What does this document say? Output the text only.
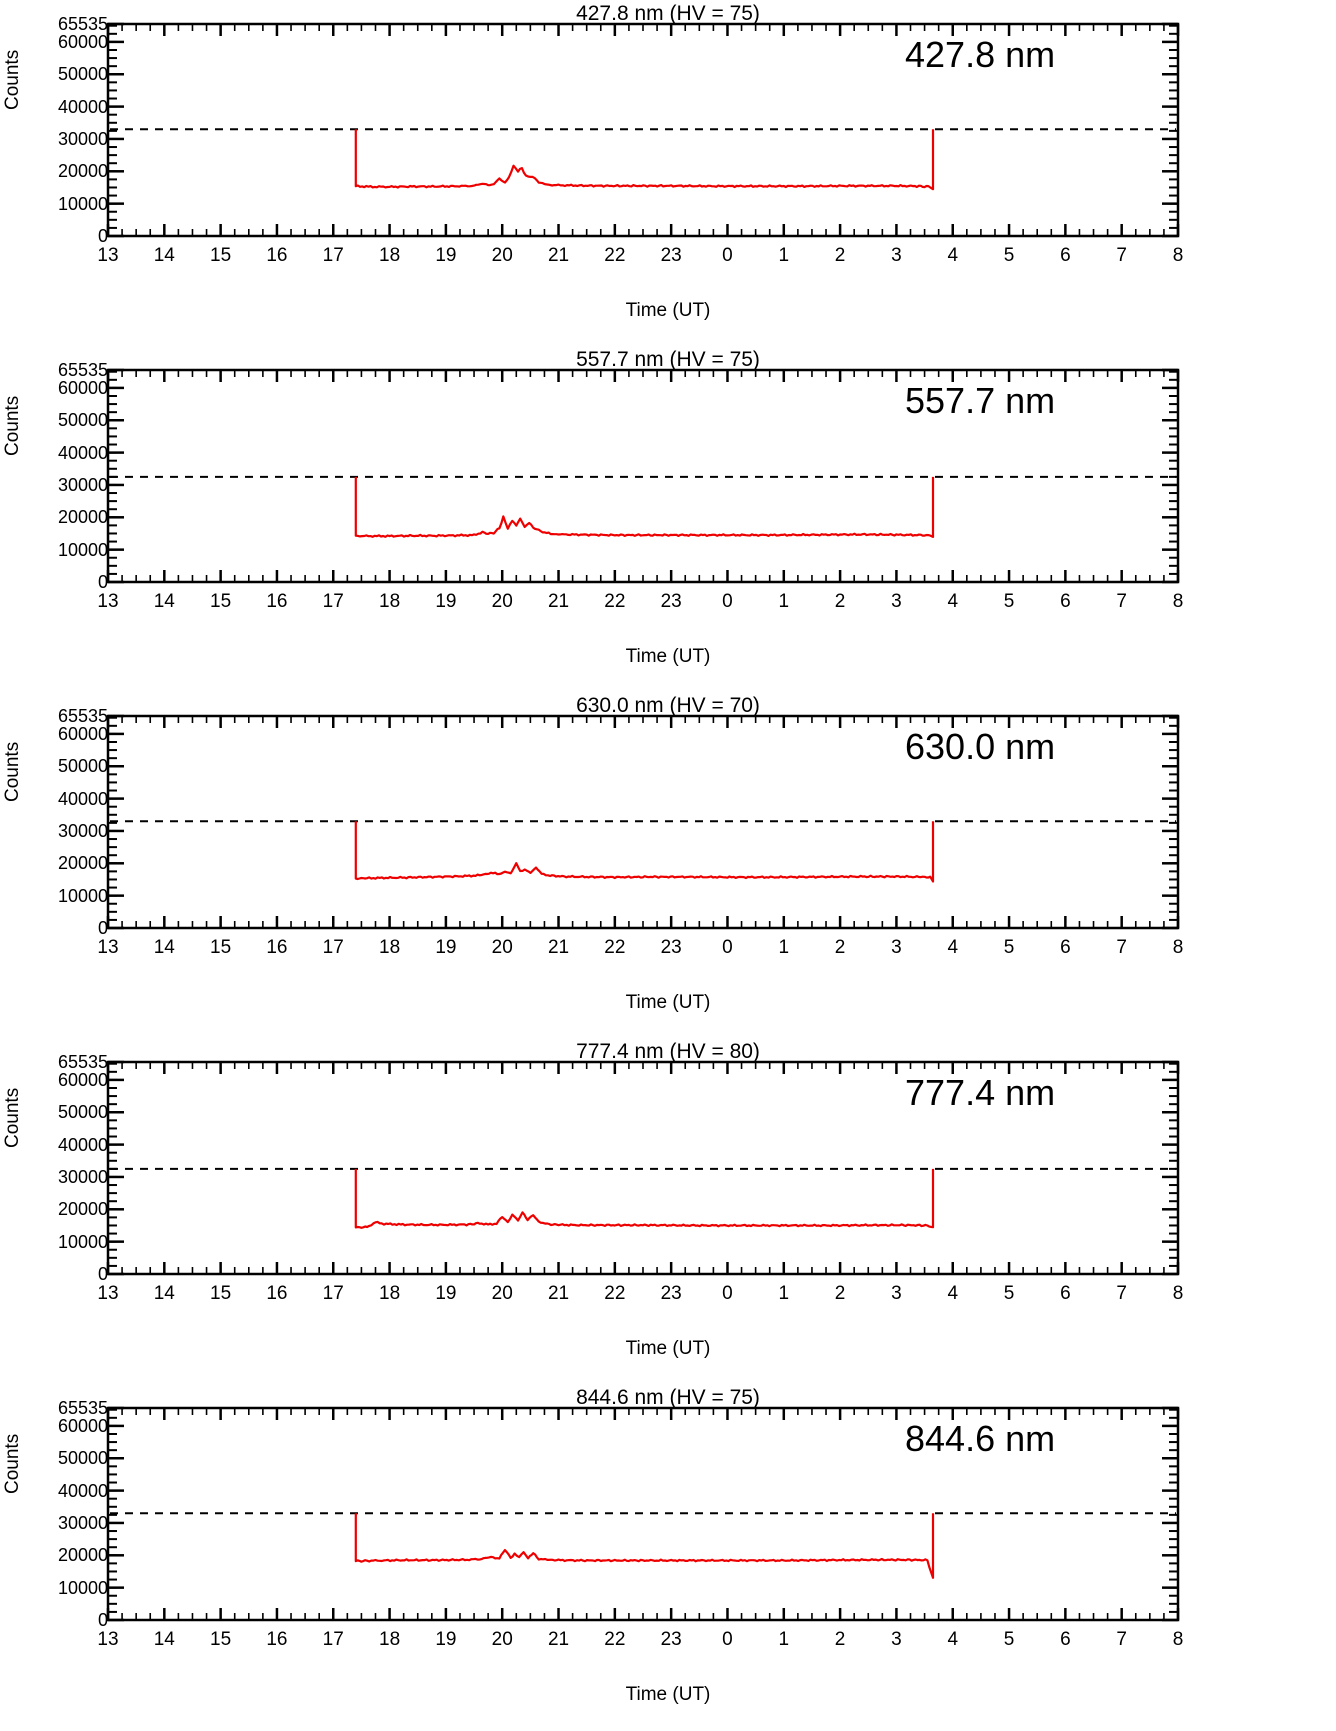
427.8 nm (HV = 75)
Counts
Time (UT)
65535
60000
50000
40000
30000
20000
10000
0
13	14	15	16	17	18	19	20	21	22	23	0	1	2	3	4	5	6	7	8
427.8 nm
557.7 nm (HV = 75)
Counts
Time (UT)
65535
60000
50000
40000
30000
20000
10000
0
13	14	15	16	17	18	19	20	21	22	23	0	1	2	3	4	5	6	7	8
557.7 nm
630.0 nm (HV = 70)
Counts
Time (UT)
65535
60000
50000
40000
30000
20000
10000
0
13	14	15	16	17	18	19	20	21	22	23	0	1	2	3	4	5	6	7	8
630.0 nm
777.4 nm (HV = 80)
Counts
Time (UT)
65535
60000
50000
40000
30000
20000
10000
0
13	14	15	16	17	18	19	20	21	22	23	0	1	2	3	4	5	6	7	8
777.4 nm
844.6 nm (HV = 75)
Counts
Time (UT)
65535
60000
50000
40000
30000
20000
10000
0
13	14	15	16	17	18	19	20	21	22	23	0	1	2	3	4	5	6	7	8
844.6 nm
